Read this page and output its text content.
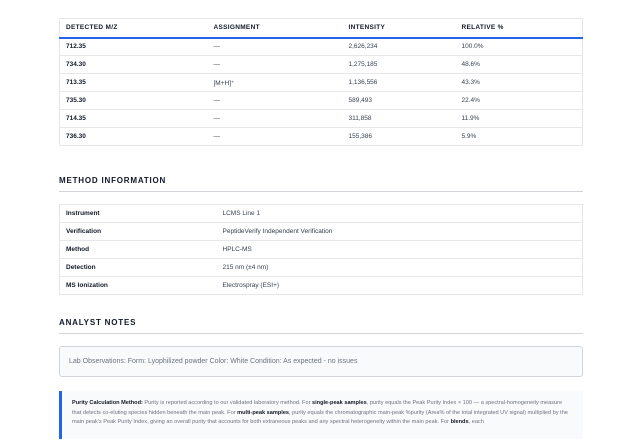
DETECTED M/Z	ASSIGNMENT	INTENSITY	RELATIVE %
712.35	—	2,626,234	100.0%
734.30	—	1,275,185	48.6%
713.35	[M+H]⁺	1,136,556	43.3%
735.30	—	589,493	22.4%
714.35	—	311,858	11.9%
736.30	—	155,386	5.9%
METHOD INFORMATION
Instrument	LCMS Line 1
Verification	PeptideVerify Independent Verification
Method	HPLC-MS
Detection	215 nm (±4 nm)
MS Ionization	Electrospray (ESI+)
ANALYST NOTES
Lab Observations: Form: Lyophilized powder Color: White Condition: As expected - no issues
Purity Calculation Method: Purity is reported according to our validated laboratory method. For single-peak samples, purity equals the Peak Purity Index × 100 — a spectral-homogeneity measure that detects co-eluting species hidden beneath the main peak. For multi-peak samples, purity equals the chromatographic main-peak %purity (Area% of the total integrated UV signal) multiplied by the main peak's Peak Purity Index, giving an overall purity that accounts for both extraneous peaks and any spectral heterogeneity within the main peak. For blends, each
